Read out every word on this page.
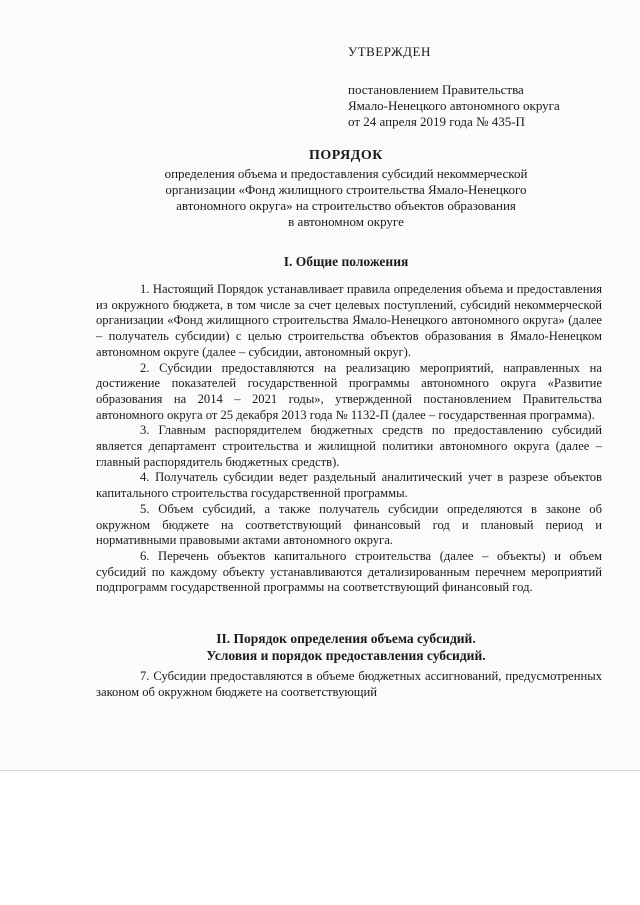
УТВЕРЖДЕН
постановлением Правительства
Ямало-Ненецкого автономного округа
от 24 апреля 2019 года № 435-П
ПОРЯДОК
определения объема и предоставления субсидий некоммерческой
организации «Фонд жилищного строительства Ямало-Ненецкого
автономного округа» на строительство объектов образования
в автономном округе
I. Общие положения

1. Настоящий Порядок устанавливает правила определения объема и предоставления из окружного бюджета, в том числе за счет целевых поступлений, субсидий некоммерческой организации «Фонд жилищного строительства Ямало-Ненецкого автономного округа» (далее – получатель субсидии) с целью строительства объектов образования в Ямало-Ненецком автономном округе (далее – субсидии, автономный округ).

2. Субсидии предоставляются на реализацию мероприятий, направленных на достижение показателей государственной программы автономного округа «Развитие образования на 2014 – 2021 годы», утвержденной постановлением Правительства автономного округа от 25 декабря 2013 года № 1132-П (далее – государственная программа).

3. Главным распорядителем бюджетных средств по предоставлению субсидий является департамент строительства и жилищной политики автономного округа (далее – главный распорядитель бюджетных средств).

4. Получатель субсидии ведет раздельный аналитический учет в разрезе объектов капитального строительства государственной программы.

5. Объем субсидий, а также получатель субсидии определяются в законе об окружном бюджете на соответствующий финансовый год и плановый период и нормативными правовыми актами автономного округа.

6. Перечень объектов капитального строительства (далее – объекты) и объем субсидий по каждому объекту устанавливаются детализированным перечнем мероприятий подпрограмм государственной программы на соответствующий финансовый год.

II. Порядок определения объема субсидий.
Условия и порядок предоставления субсидий.

7. Субсидии предоставляются в объеме бюджетных ассигнований, предусмотренных законом об окружном бюджете на соответствующий
